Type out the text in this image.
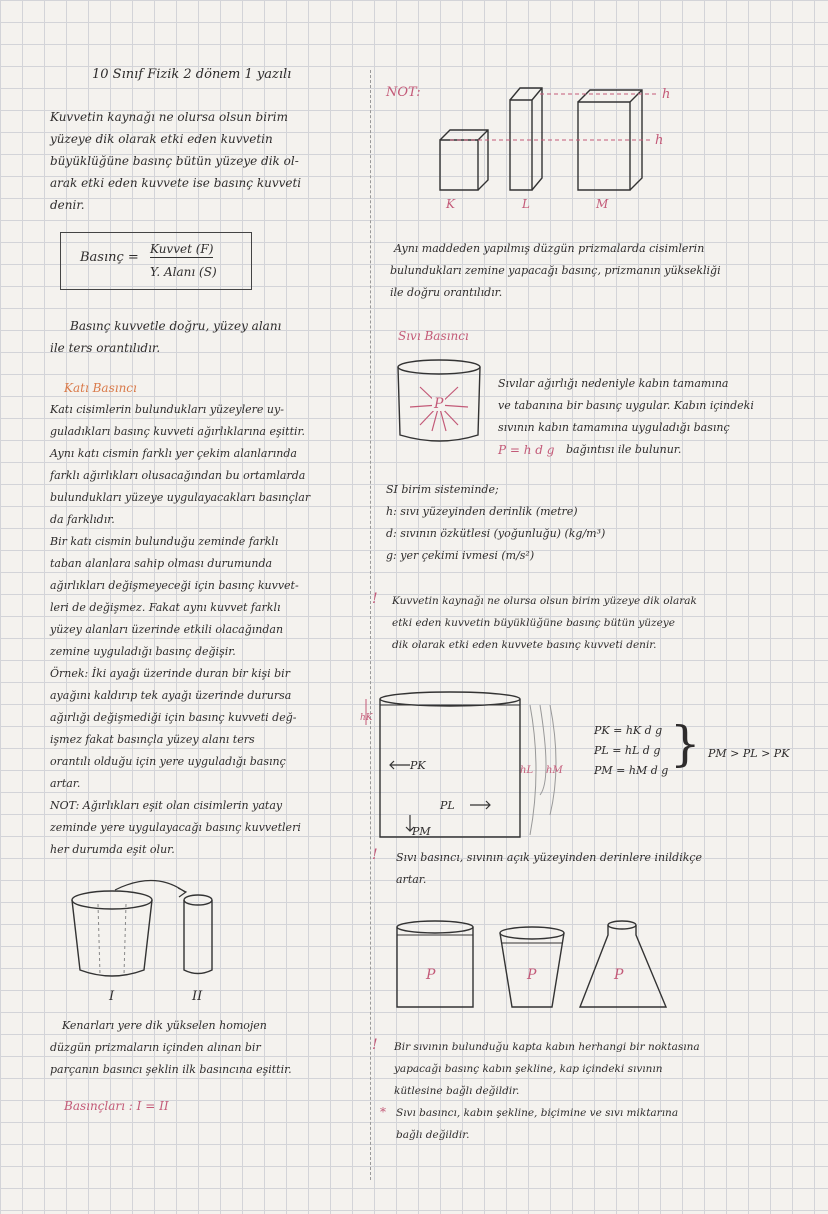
10 Sınıf Fizik 2 dönem 1 yazılı
Kuvvetin kaynağı ne olursa olsun birim
yüzeye dik olarak etki eden kuvvetin
büyüklüğüne basınç bütün yüzeye dik ol-
arak etki eden kuvvete ise basınç kuvveti
denir.
Basınç =
Kuvvet (F)
Y. Alanı (S)
Basınç kuvvetle doğru, yüzey alanı
ile ters orantılıdır.
Katı Basıncı
Katı cisimlerin bulundukları yüzeylere uy-
guladıkları basınç kuvveti ağırlıklarına eşittir.
Aynı katı cismin farklı yer çekim alanlarında
farklı ağırlıkları olusacağından bu ortamlarda
bulundukları yüzeye uygulayacakları basınçlar
da farklıdır.
Bir katı cismin bulunduğu zeminde farklı
taban alanlara sahip olması durumunda
ağırlıkları değişmeyeceği için basınç kuvvet-
leri de değişmez. Fakat aynı kuvvet farklı
yüzey alanları üzerinde etkili olacağından
zemine uyguladığı basınç değişir.
Örnek: İki ayağı üzerinde duran bir kişi bir
ayağını kaldırıp tek ayağı üzerinde durursa
ağırlığı değişmediği için basınç kuvveti değ-
işmez fakat basınçla yüzey alanı ters
orantılı olduğu için yere uyguladığı basınç
artar.
NOT: Ağırlıkları eşit olan cisimlerin yatay
zeminde yere uygulayacağı basınç kuvvetleri
her durumda eşit olur.
I	II
Kenarları yere dik yükselen homojen
düzgün prizmaların içinden alınan bir
parçanın basıncı şeklin ilk basıncına eşittir.
Basınçları : I = II
NOT:	h
h
K	L	M
Aynı maddeden yapılmış düzgün prizmalarda cisimlerin
bulundukları zemine yapacağı basınç, prizmanın yüksekliği
ile doğru orantılıdır.
Sıvı Basıncı
P
Sıvılar ağırlığı nedeniyle kabın tamamına
ve tabanına bir basınç uygular. Kabın içindeki
sıvının kabın tamamına uyguladığı basınç
P = h d g bağıntısı ile bulunur.
SI birim sisteminde;
h: sıvı yüzeyinden derinlik (metre)
d: sıvının özkütlesi (yoğunluğu) (kg/m³)
g: yer çekimi ivmesi (m/s²)
! Kuvvetin kaynağı ne olursa olsun birim yüzeye dik olarak
etki eden kuvvetin büyüklüğüne basınç bütün yüzeye
dik olarak etki eden kuvvete basınç kuvveti denir.
PK
PL
PM
hK
hL hM
PK = hK d g
PL = hL d g
PM = hM d g } PM > PL > PK
! Sıvı basıncı, sıvının açık yüzeyinden derinlere inildikçe
artar.
P	P	P
! Bir sıvının bulunduğu kapta kabın herhangi bir noktasına
yapacağı basınç kabın şekline, kap içindeki sıvının
kütlesine bağlı değildir.
* Sıvı basıncı, kabın şekline, biçimine ve sıvı miktarına
bağlı değildir.
